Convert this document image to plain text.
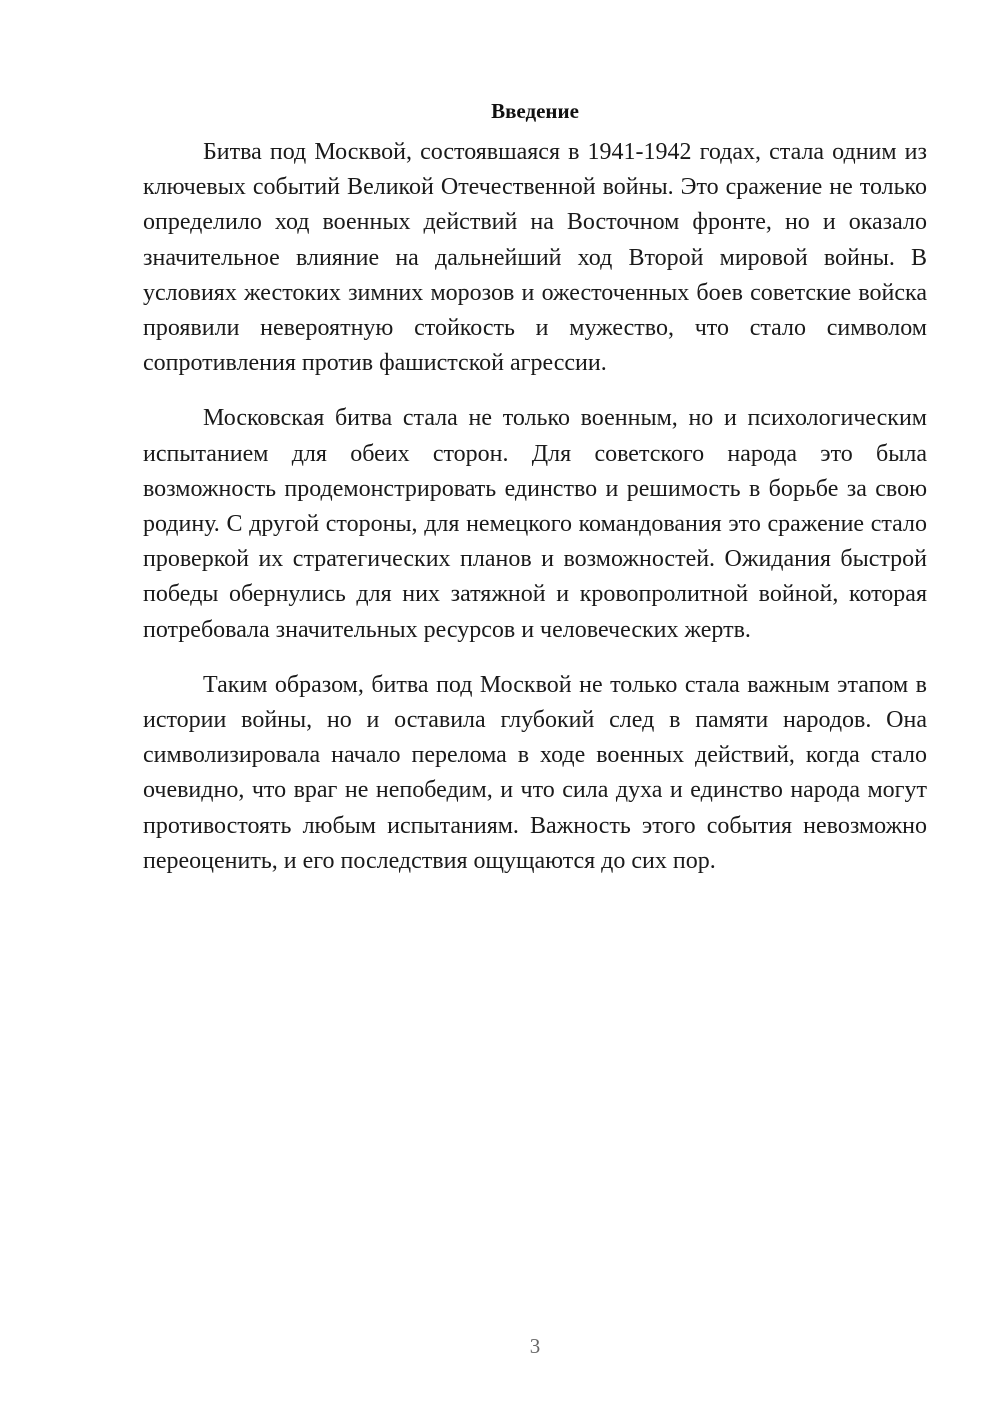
Введение

Битва под Москвой, состоявшаяся в 1941-1942 годах, стала одним из ключевых событий Великой Отечественной войны. Это сражение не только определило ход военных действий на Восточном фронте, но и оказало значительное влияние на дальнейший ход Второй мировой войны. В условиях жестоких зимних морозов и ожесточенных боев советские войска проявили невероятную стойкость и мужество, что стало символом сопротивления против фашистской агрессии.

Московская битва стала не только военным, но и психологическим испытанием для обеих сторон. Для советского народа это была возможность продемонстрировать единство и решимость в борьбе за свою родину. С другой стороны, для немецкого командования это сражение стало проверкой их стратегических планов и возможностей. Ожидания быстрой победы обернулись для них затяжной и кровопролитной войной, которая потребовала значительных ресурсов и человеческих жертв.

Таким образом, битва под Москвой не только стала важным этапом в истории войны, но и оставила глубокий след в памяти народов. Она символизировала начало перелома в ходе военных действий, когда стало очевидно, что враг не непобедим, и что сила духа и единство народа могут противостоять любым испытаниям. Важность этого события невозможно переоценить, и его последствия ощущаются до сих пор.

3
